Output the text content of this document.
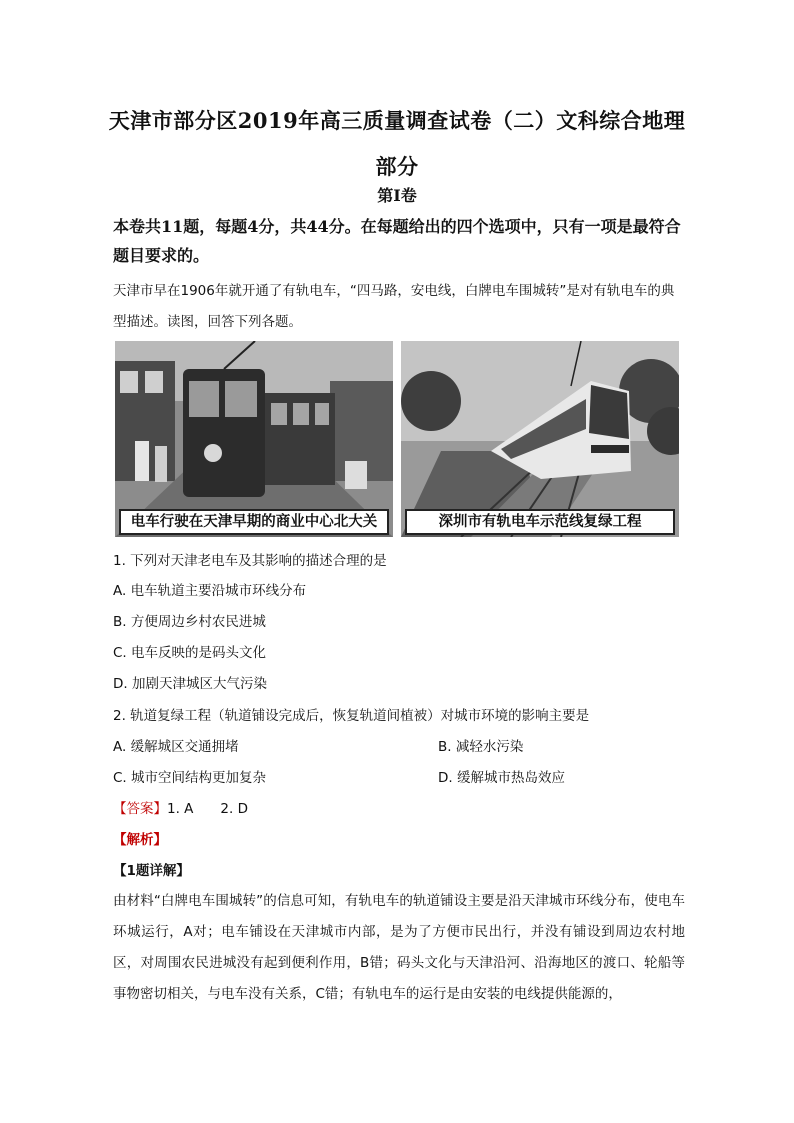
天津市部分区2019年高三质量调查试卷（二）文科综合地理部分
第Ⅰ卷
本卷共11题，每题4分，共44分。在每题给出的四个选项中，只有一项是最符合题目要求的。
天津市早在1906年就开通了有轨电车，“四马路，安电线，白牌电车围城转”是对有轨电车的典型描述。读图，回答下列各题。
电车行驶在天津早期的商业中心北大关	深圳市有轨电车示范线复绿工程
1. 下列对天津老电车及其影响的描述合理的是
A. 电车轨道主要沿城市环线分布
B. 方便周边乡村农民进城
C. 电车反映的是码头文化
D. 加剧天津城区大气污染
2. 轨道复绿工程（轨道铺设完成后，恢复轨道间植被）对城市环境的影响主要是
A. 缓解城区交通拥堵	B. 减轻水污染
C. 城市空间结构更加复杂	D. 缓解城市热岛效应
【答案】1. A　　2. D
【解析】
【1题详解】
由材料“白牌电车围城转”的信息可知，有轨电车的轨道铺设主要是沿天津城市环线分布，使电车环城运行，A对；电车铺设在天津城市内部，是为了方便市民出行，并没有铺设到周边农村地区，对周围农民进城没有起到便利作用，B错；码头文化与天津沿河、沿海地区的渡口、轮船等事物密切相关，与电车没有关系，C错；有轨电车的运行是由安装的电线提供能源的，
